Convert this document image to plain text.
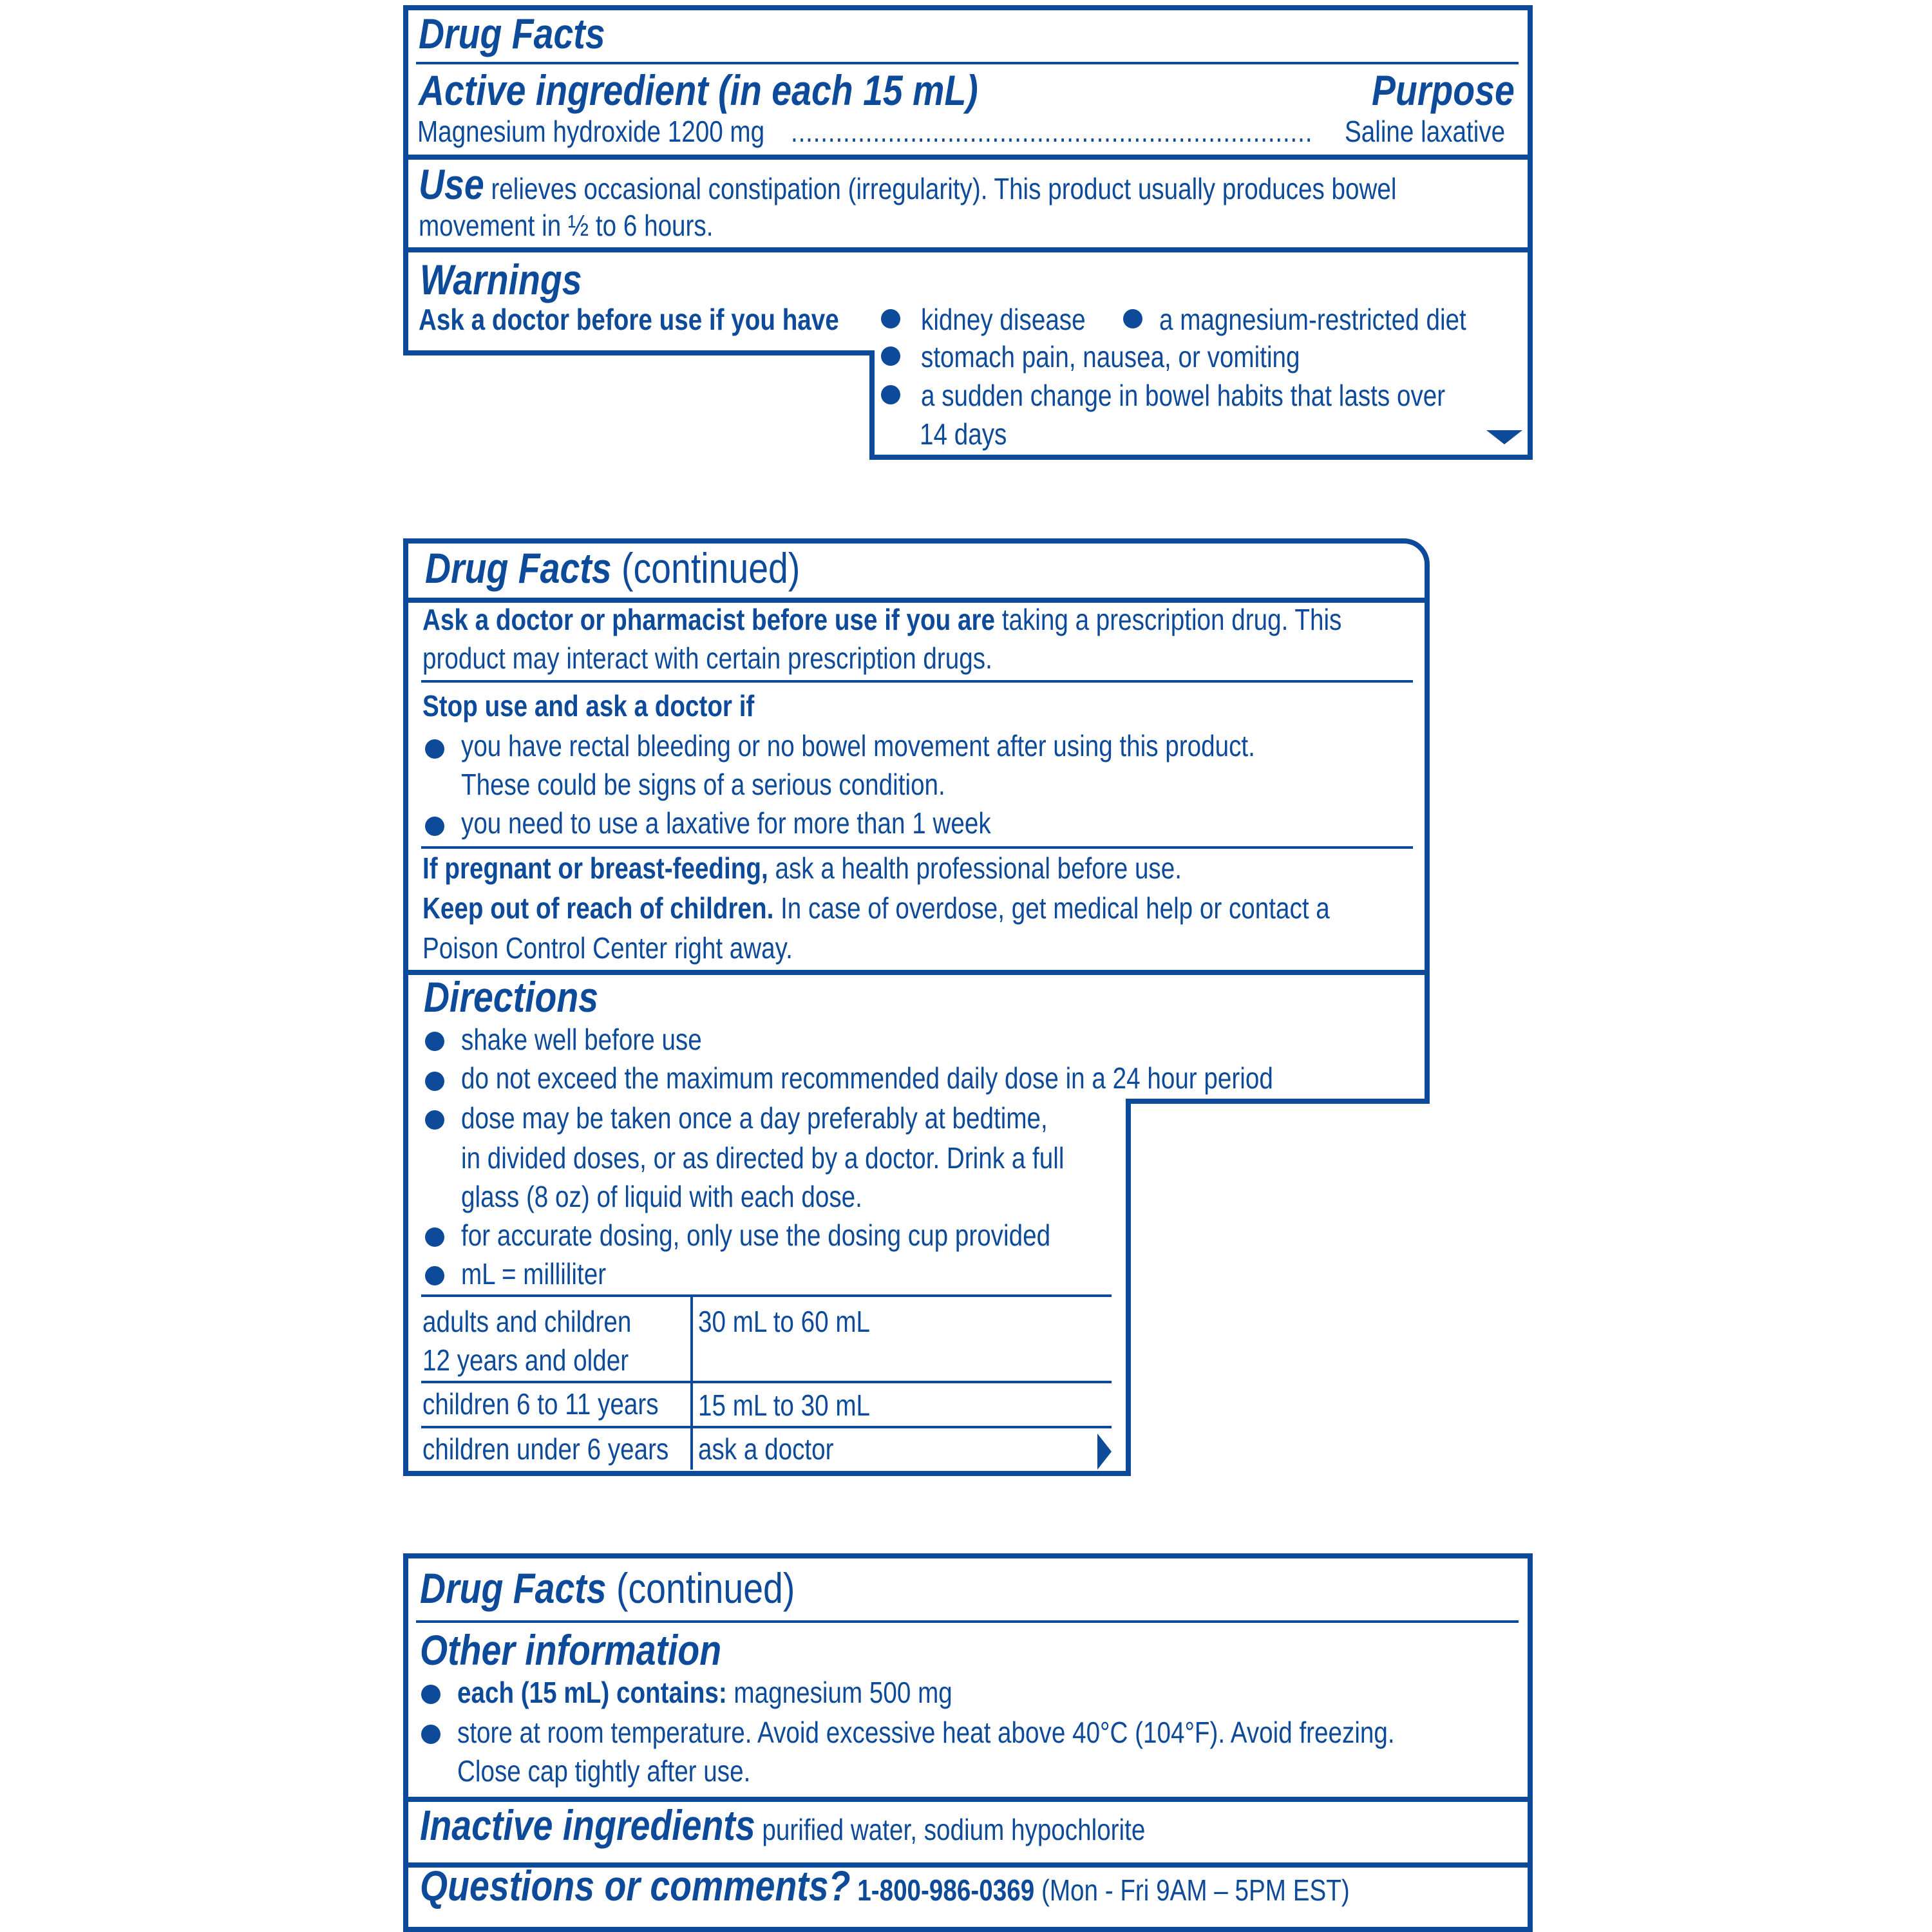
Drug Facts
Active ingredient (in each 15 mL)	Purpose
Magnesium hydroxide 1200 mg ...................................................................... Saline laxative
Use relieves occasional constipation (irregularity). This product usually produces bowel
movement in ½ to 6 hours.
Warnings
Ask a doctor before use if you have	kidney disease a magnesium-restricted diet
stomach pain, nausea, or vomiting
a sudden change in bowel habits that lasts over
14 days
Drug Facts (continued)
Ask a doctor or pharmacist before use if you are taking a prescription drug. This
product may interact with certain prescription drugs.
Stop use and ask a doctor if
you have rectal bleeding or no bowel movement after using this product.
These could be signs of a serious condition.
you need to use a laxative for more than 1 week
If pregnant or breast-feeding, ask a health professional before use.
Keep out of reach of children. In case of overdose, get medical help or contact a
Poison Control Center right away.
Directions
shake well before use
do not exceed the maximum recommended daily dose in a 24 hour period
dose may be taken once a day preferably at bedtime,
in divided doses, or as directed by a doctor. Drink a full
glass (8 oz) of liquid with each dose.
for accurate dosing, only use the dosing cup provided
mL = milliliter
adults and children
12 years and older
30 mL to 60 mL
children 6 to 11 years 15 mL to 30 mL
children under 6 years ask a doctor
Drug Facts (continued)
Other information
each (15 mL) contains: magnesium 500 mg
store at room temperature. Avoid excessive heat above 40°C (104°F). Avoid freezing.
Close cap tightly after use.
Inactive ingredients purified water, sodium hypochlorite
Questions or comments? 1-800-986-0369 (Mon - Fri 9AM – 5PM EST)
